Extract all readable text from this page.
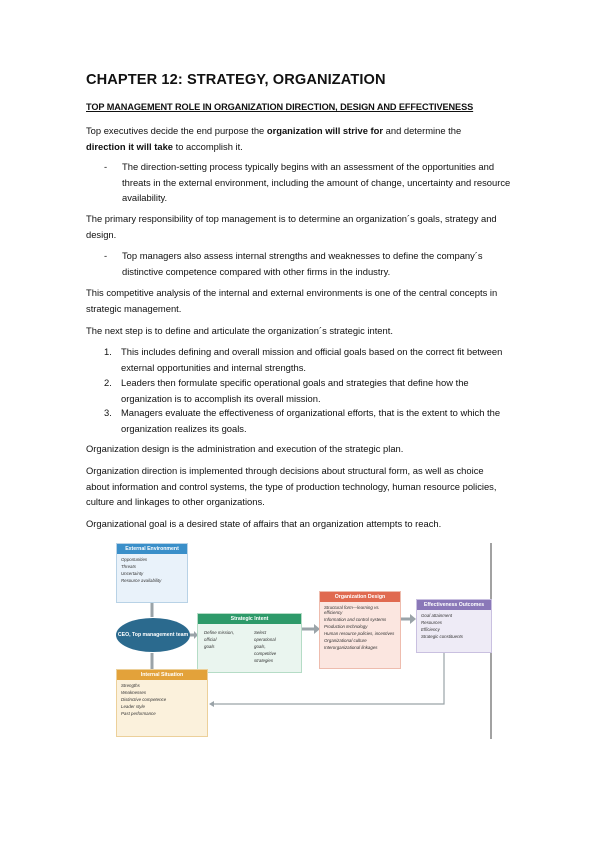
CHAPTER 12: STRATEGY, ORGANIZATION
TOP MANAGEMENT ROLE IN ORGANIZATION DIRECTION, DESIGN AND EFFECTIVENESS
Top executives decide the end purpose the organization will strive for and determine the
direction it will take to accomplish it.
- The direction-setting process typically begins with an assessment of the opportunities and threats in the external environment, including the amount of change, uncertainty and resource availability.
The primary responsibility of top management is to determine an organization´s goals, strategy and design.
- Top managers also assess internal strengths and weaknesses to define the company´s distinctive competence compared with other firms in the industry.
This competitive analysis of the internal and external environments is one of the central concepts in strategic management.
The next step is to define and articulate the organization´s strategic intent.
1. This includes defining and overall mission and official goals based on the correct fit between external opportunities and internal strengths.
2. Leaders then formulate specific operational goals and strategies that define how the organization is to accomplish its overall mission.
3. Managers evaluate the effectiveness of organizational efforts, that is the extent to which the organization realizes its goals.
Organization design is the administration and execution of the strategic plan.
Organization direction is implemented through decisions about structural form, as well as choice about information and control systems, the type of production technology, human resource policies, culture and linkages to other organizations.
Organizational goal is a desired state of affairs that an organization attempts to reach.
External Environment
Opportunities
Threats
Uncertainty
Resource availability
CEO, Top management team
Strategic Intent
Define mission,
official
goals
Select
operational
goals,
competitive
strategies
Internal Situation
Strengths
Weaknesses
Distinctive competence
Leader style
Past performance
Organization Design
Structural form—learning vs. efficiency
Information and control systems
Production technology
Human resource policies, incentives
Organizational culture
Interorganizational linkages
Effectiveness Outcomes
Goal attainment
Resources
Efficiency
Strategic constituents
